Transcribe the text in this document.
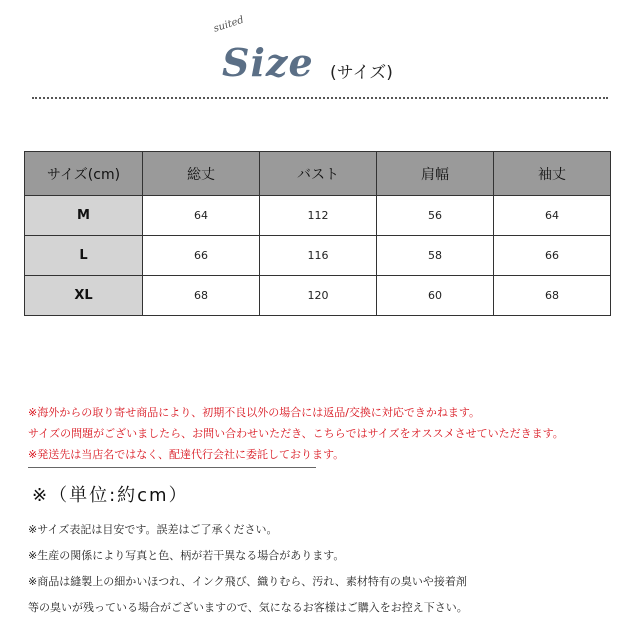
suited
Size (サイズ)
サイズ(cm)	総丈	バスト	肩幅	袖丈
M	64	112	56	64
L	66	116	58	66
XL	68	120	60	68
※海外からの取り寄せ商品により、初期不良以外の場合には返品/交換に対応できかねます。
サイズの問題がございましたら、お問い合わせいただき、こちらではサイズをオススメさせていただきます。
※発送先は当店名ではなく、配達代行会社に委託しております。
※（単位:約cm）
※サイズ表記は目安です。誤差はご了承ください。
※生産の関係により写真と色、柄が若干異なる場合があります。
※商品は縫製上の細かいほつれ、インク飛び、織りむら、汚れ、素材特有の臭いや接着剤
等の臭いが残っている場合がございますので、気になるお客様はご購入をお控え下さい。
